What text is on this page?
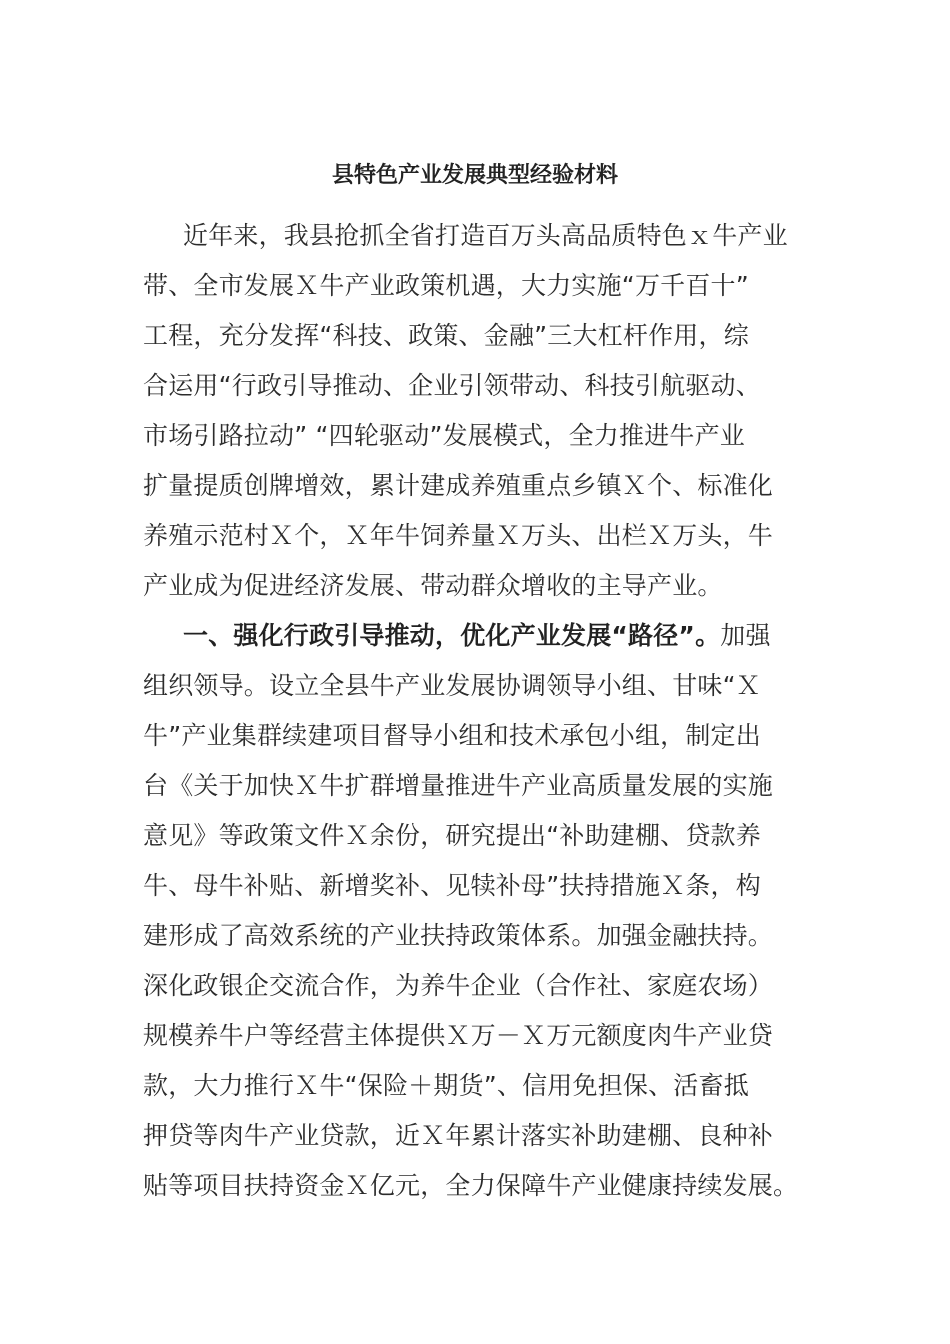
县特色产业发展典型经验材料
近年来，我县抢抓全省打造百万头高品质特色ｘ牛产业
带、全市发展Ｘ牛产业政策机遇，大力实施“万千百十”
工程，充分发挥“科技、政策、金融”三大杠杆作用，综
合运用“行政引导推动、企业引领带动、科技引航驱动、
市场引路拉动” “四轮驱动”发展模式，全力推进牛产业
扩量提质创牌增效，累计建成养殖重点乡镇Ｘ个、标准化
养殖示范村Ｘ个，Ｘ年牛饲养量Ｘ万头、出栏Ｘ万头，牛
产业成为促进经济发展、带动群众增收的主导产业。
一、强化行政引导推动，优化产业发展“路径”。加强
组织领导。设立全县牛产业发展协调领导小组、甘味“Ｘ
牛”产业集群续建项目督导小组和技术承包小组，制定出
台《关于加快Ｘ牛扩群增量推进牛产业高质量发展的实施
意见》等政策文件Ｘ余份，研究提出“补助建棚、贷款养
牛、母牛补贴、新增奖补、见犊补母”扶持措施Ｘ条，构
建形成了高效系统的产业扶持政策体系。加强金融扶持。
深化政银企交流合作，为养牛企业（合作社、家庭农场）
规模养牛户等经营主体提供Ｘ万－Ｘ万元额度肉牛产业贷
款，大力推行Ｘ牛“保险＋期货”、信用免担保、活畜抵
押贷等肉牛产业贷款，近Ｘ年累计落实补助建棚、良种补
贴等项目扶持资金Ｘ亿元，全力保障牛产业健康持续发展。
